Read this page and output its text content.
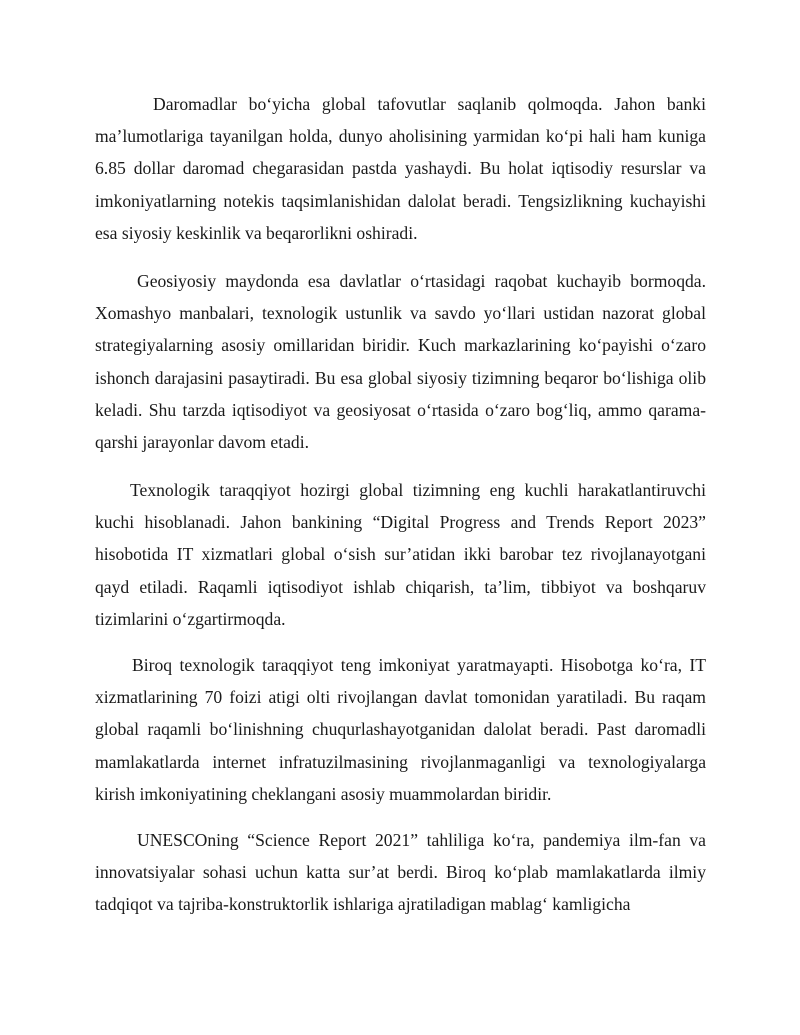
Daromadlar bo‘yicha global tafovutlar saqlanib qolmoqda. Jahon banki ma’lumotlariga tayanilgan holda, dunyo aholisining yarmidan ko‘pi hali ham kuniga 6.85 dollar daromad chegarasidan pastda yashaydi. Bu holat iqtisodiy resurslar va imkoniyatlarning notekis taqsimlanishidan dalolat beradi. Tengsizlikning kuchayishi esa siyosiy keskinlik va beqarorlikni oshiradi.

Geosiyosiy maydonda esa davlatlar o‘rtasidagi raqobat kuchayib bormoqda. Xomashyo manbalari, texnologik ustunlik va savdo yo‘llari ustidan nazorat global strategiyalarning asosiy omillaridan biridir. Kuch markazlarining ko‘payishi o‘zaro ishonch darajasini pasaytiradi. Bu esa global siyosiy tizimning beqaror bo‘lishiga olib keladi. Shu tarzda iqtisodiyot va geosiyosat o‘rtasida o‘zaro bog‘liq, ammo qarama-qarshi jarayonlar davom etadi.

Texnologik taraqqiyot hozirgi global tizimning eng kuchli harakatlantiruvchi kuchi hisoblanadi. Jahon bankining “Digital Progress and Trends Report 2023” hisobotida IT xizmatlari global o‘sish sur’atidan ikki barobar tez rivojlanayotgani qayd etiladi. Raqamli iqtisodiyot ishlab chiqarish, ta’lim, tibbiyot va boshqaruv tizimlarini o‘zgartirmoqda.

Biroq texnologik taraqqiyot teng imkoniyat yaratmayapti. Hisobotga ko‘ra, IT xizmatlarining 70 foizi atigi olti rivojlangan davlat tomonidan yaratiladi. Bu raqam global raqamli bo‘linishning chuqurlashayotganidan dalolat beradi. Past daromadli mamlakatlarda internet infratuzilmasining rivojlanmaganligi va texnologiyalarga kirish imkoniyatining cheklangani asosiy muammolardan biridir.

UNESCOning “Science Report 2021” tahliliga ko‘ra, pandemiya ilm-fan va innovatsiyalar sohasi uchun katta sur’at berdi. Biroq ko‘plab mamlakatlarda ilmiy tadqiqot va tajriba-konstruktorlik ishlariga ajratiladigan mablag‘ kamligicha
